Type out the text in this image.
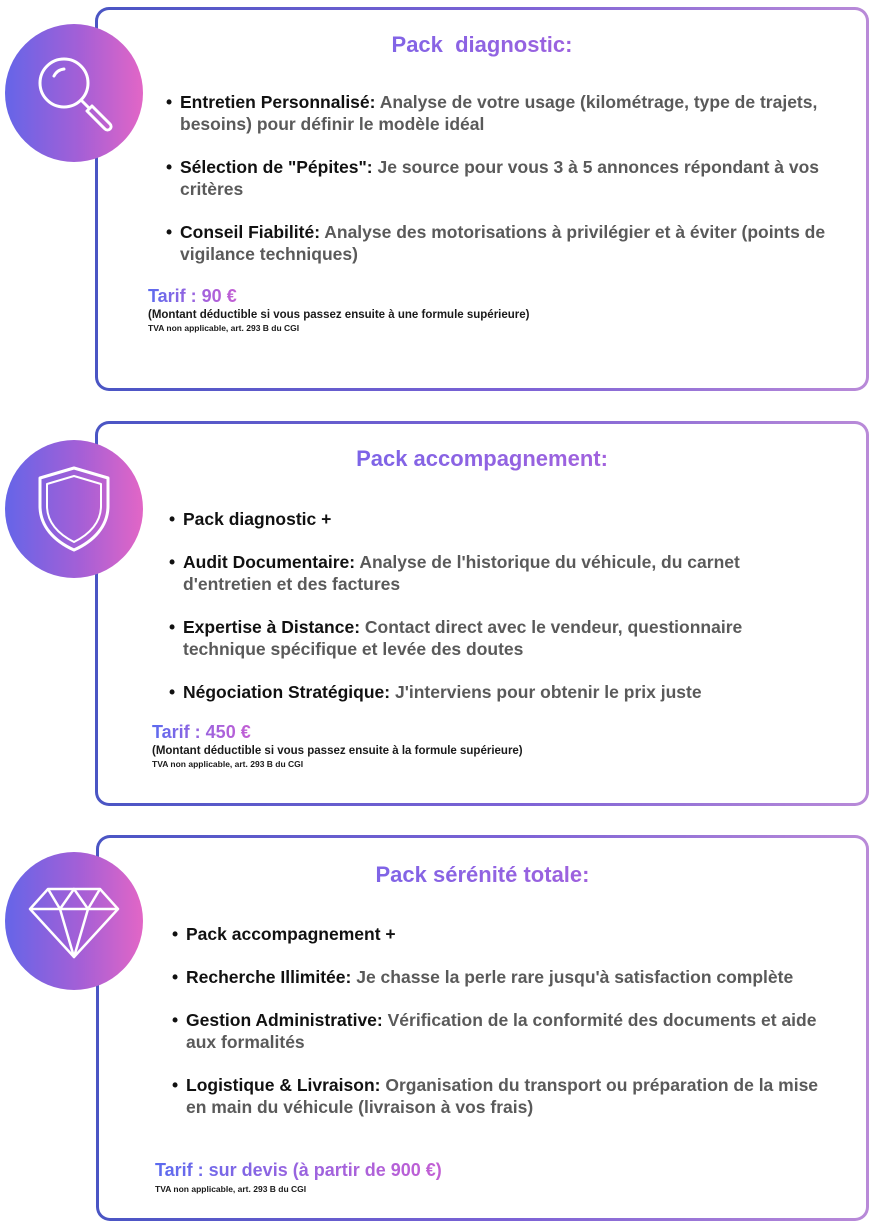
Pack  diagnostic:
• Entretien Personnalisé: Analyse de votre usage (kilométrage, type de trajets, besoins) pour définir le modèle idéal
• Sélection de "Pépites": Je source pour vous 3 à 5 annonces répondant à vos critères
• Conseil Fiabilité: Analyse des motorisations à privilégier et à éviter (points de vigilance techniques)
Tarif : 90 €
(Montant déductible si vous passez ensuite à une formule supérieure)
TVA non applicable, art. 293 B du CGI
Pack accompagnement:
• Pack diagnostic +
• Audit Documentaire: Analyse de l'historique du véhicule, du carnet d'entretien et des factures
• Expertise à Distance: Contact direct avec le vendeur, questionnaire technique spécifique et levée des doutes
• Négociation Stratégique: J'interviens pour obtenir le prix juste
Tarif : 450 €
(Montant déductible si vous passez ensuite à la formule supérieure)
TVA non applicable, art. 293 B du CGI
Pack sérénité totale:
• Pack accompagnement +
• Recherche Illimitée: Je chasse la perle rare jusqu'à satisfaction complète
• Gestion Administrative: Vérification de la conformité des documents et aide aux formalités
• Logistique & Livraison: Organisation du transport ou préparation de la mise en main du véhicule (livraison à vos frais)
Tarif : sur devis (à partir de 900 €)
TVA non applicable, art. 293 B du CGI
